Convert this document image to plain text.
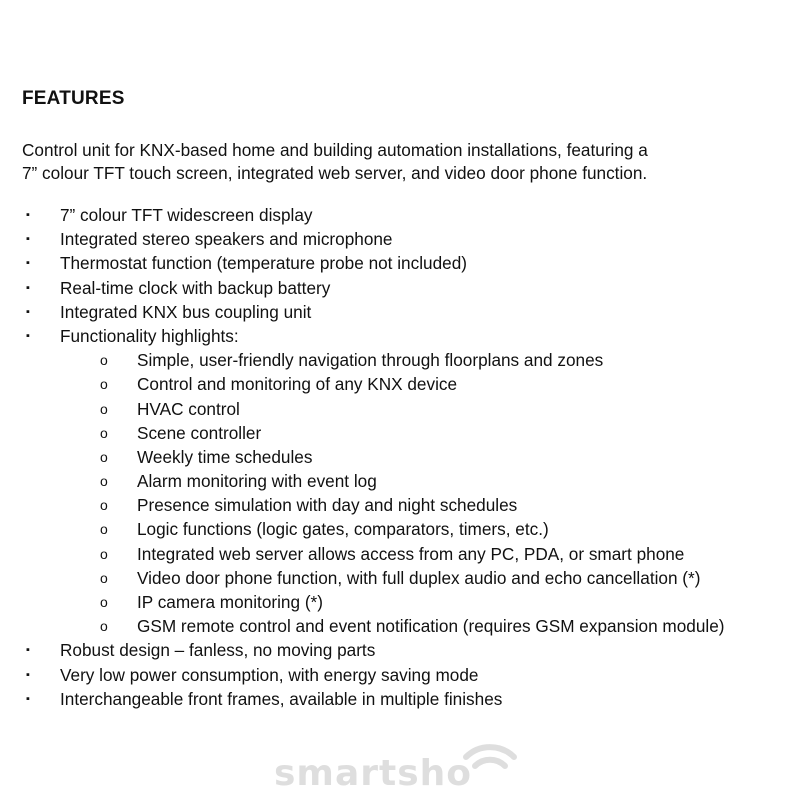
FEATURES

Control unit for KNX-based home and building automation installations, featuring a
7” colour TFT touch screen, integrated web server, and video door phone function.

▪ 7” colour TFT widescreen display
▪ Integrated stereo speakers and microphone
▪ Thermostat function (temperature probe not included)
▪ Real-time clock with backup battery
▪ Integrated KNX bus coupling unit
▪ Functionality highlights:
o Simple, user-friendly navigation through floorplans and zones
o Control and monitoring of any KNX device
o HVAC control
o Scene controller
o Weekly time schedules
o Alarm monitoring with event log
o Presence simulation with day and night schedules
o Logic functions (logic gates, comparators, timers, etc.)
o Integrated web server allows access from any PC, PDA, or smart phone
o Video door phone function, with full duplex audio and echo cancellation (*)
o IP camera monitoring (*)
o GSM remote control and event notification (requires GSM expansion module)
▪ Robust design – fanless, no moving parts
▪ Very low power consumption, with energy saving mode
▪ Interchangeable front frames, available in multiple finishes
smartsho
